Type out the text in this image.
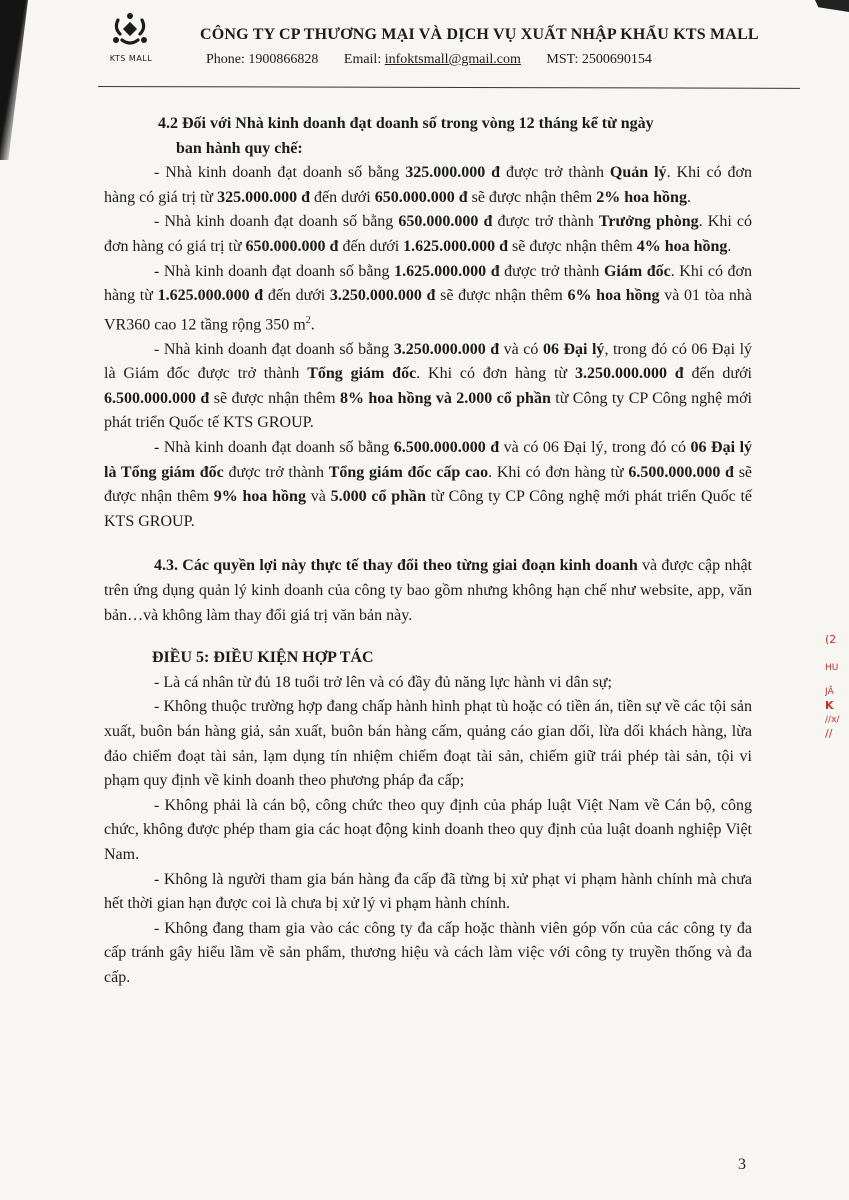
(2
HU
JĂ
K
//x/
//
KTS MALL
CÔNG TY CP THƯƠNG MẠI VÀ DỊCH VỤ XUẤT NHẬP KHẨU KTS MALL
Phone: 1900866828 Email: infoktsmall@gmail.com MST: 2500690154

4.2 Đối với Nhà kinh doanh đạt doanh số trong vòng 12 tháng kể từ ngày
ban hành quy chế:

- Nhà kinh doanh đạt doanh số bằng 325.000.000 đ được trở thành Quản lý. Khi có đơn hàng có giá trị từ 325.000.000 đ đến dưới 650.000.000 đ sẽ được nhận thêm 2% hoa hồng.

- Nhà kinh doanh đạt doanh số bằng 650.000.000 đ được trở thành Trưởng phòng. Khi có đơn hàng có giá trị từ 650.000.000 đ đến dưới 1.625.000.000 đ sẽ được nhận thêm 4% hoa hồng.

- Nhà kinh doanh đạt doanh số bằng 1.625.000.000 đ được trở thành Giám đốc. Khi có đơn hàng từ 1.625.000.000 đ đến dưới 3.250.000.000 đ sẽ được nhận thêm 6% hoa hồng và 01 tòa nhà VR360 cao 12 tầng rộng 350 $m^2$.

- Nhà kinh doanh đạt doanh số bằng 3.250.000.000 đ và có 06 Đại lý, trong đó có 06 Đại lý là Giám đốc được trở thành Tổng giám đốc. Khi có đơn hàng từ 3.250.000.000 đ đến dưới 6.500.000.000 đ sẽ được nhận thêm 8% hoa hồng và 2.000 cổ phần từ Công ty CP Công nghệ mới phát triển Quốc tế KTS GROUP.

- Nhà kinh doanh đạt doanh số bằng 6.500.000.000 đ và có 06 Đại lý, trong đó có 06 Đại lý là Tổng giám đốc được trở thành Tổng giám đốc cấp cao. Khi có đơn hàng từ 6.500.000.000 đ sẽ được nhận thêm 9% hoa hồng và 5.000 cổ phần từ Công ty CP Công nghệ mới phát triển Quốc tế KTS GROUP.

4.3. Các quyền lợi này thực tế thay đổi theo từng giai đoạn kinh doanh và được cập nhật trên ứng dụng quản lý kinh doanh của công ty bao gồm nhưng không hạn chế như website, app, văn bản…và không làm thay đổi giá trị văn bản này.

ĐIỀU 5: ĐIỀU KIỆN HỢP TÁC

- Là cá nhân từ đủ 18 tuổi trở lên và có đầy đủ năng lực hành vi dân sự;

- Không thuộc trường hợp đang chấp hành hình phạt tù hoặc có tiền án, tiền sự về các tội sản xuất, buôn bán hàng giả, sản xuất, buôn bán hàng cấm, quảng cáo gian dối, lừa dối khách hàng, lừa đảo chiếm đoạt tài sản, lạm dụng tín nhiệm chiếm đoạt tài sản, chiếm giữ trái phép tài sản, tội vi phạm quy định về kinh doanh theo phương pháp đa cấp;

- Không phải là cán bộ, công chức theo quy định của pháp luật Việt Nam về Cán bộ, công chức, không được phép tham gia các hoạt động kinh doanh theo quy định của luật doanh nghiệp Việt Nam.

- Không là người tham gia bán hàng đa cấp đã từng bị xử phạt vi phạm hành chính mà chưa hết thời gian hạn được coi là chưa bị xử lý vi phạm hành chính.

- Không đang tham gia vào các công ty đa cấp hoặc thành viên góp vốn của các công ty đa cấp tránh gây hiểu lầm về sản phẩm, thương hiệu và cách làm việc với công ty truyền thống và đa cấp.

3
